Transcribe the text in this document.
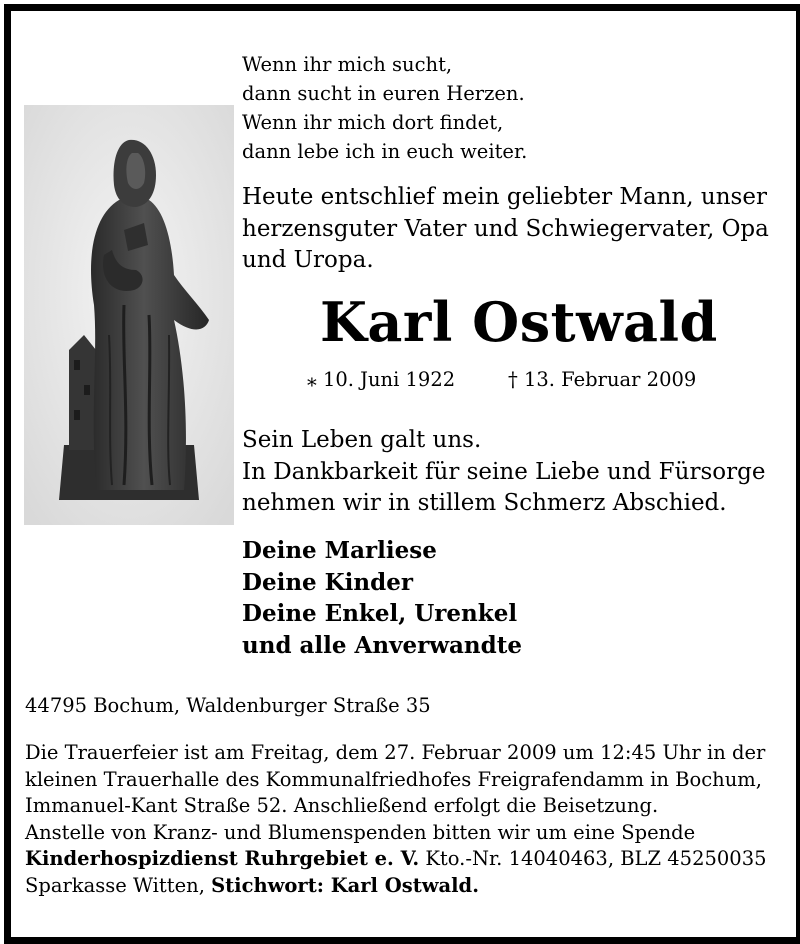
Wenn ihr mich sucht,
dann sucht in euren Herzen.
Wenn ihr mich dort findet,
dann lebe ich in euch weiter.
Heute entschlief mein geliebter Mann, unser
herzensguter Vater und Schwiegervater, Opa
und Uropa.
Karl Ostwald
⁎ 10. Juni 1922	† 13. Februar 2009
Sein Leben galt uns.
In Dankbarkeit für seine Liebe und Fürsorge
nehmen wir in stillem Schmerz Abschied.
Deine Marliese
Deine Kinder
Deine Enkel, Urenkel
und alle Anverwandte
44795 Bochum, Waldenburger Straße 35
Die Trauerfeier ist am Freitag, dem 27. Februar 2009 um 12:45 Uhr in der
kleinen Trauerhalle des Kommunalfriedhofes Freigrafendamm in Bochum,
Immanuel-Kant Straße 52. Anschließend erfolgt die Beisetzung.
Anstelle von Kranz- und Blumenspenden bitten wir um eine Spende
Kinderhospizdienst Ruhrgebiet e. V. Kto.-Nr. 14040463, BLZ 45250035
Sparkasse Witten, Stichwort: Karl Ostwald.
